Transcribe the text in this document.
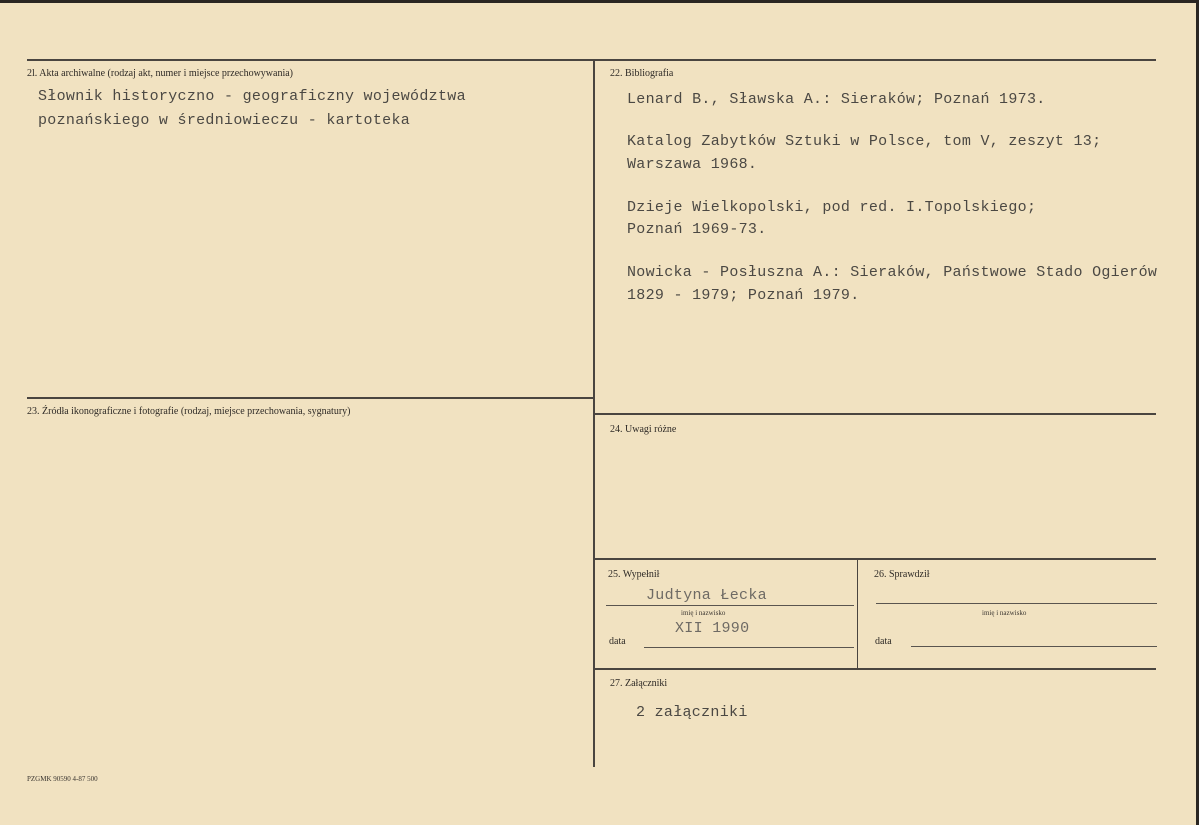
2l. Akta archiwalne (rodzaj akt, numer i miejsce przechowywania)
Słownik historyczno - geograficzny województwa
poznańskiego w średniowieczu - kartoteka
22. Bibliografia
Lenard B., Sławska A.: Sieraków; Poznań 1973.
Katalog Zabytków Sztuki w Polsce, tom V, zeszyt 13;
Warszawa 1968.
Dzieje Wielkopolski, pod red. I.Topolskiego;
Poznań 1969-73.
Nowicka - Posłuszna A.: Sieraków, Państwowe Stado Ogierów
1829 - 1979; Poznań 1979.
23. Źródła ikonograficzne i fotografie (rodzaj, miejsce przechowania, sygnatury)
24. Uwagi różne
25. Wypełnił
Judtyna Łecka
imię i nazwisko
XII 1990
data
26. Sprawdził
imię i nazwisko
data
27. Załączniki
2 załączniki
PZGMK 90590 4-87 500
